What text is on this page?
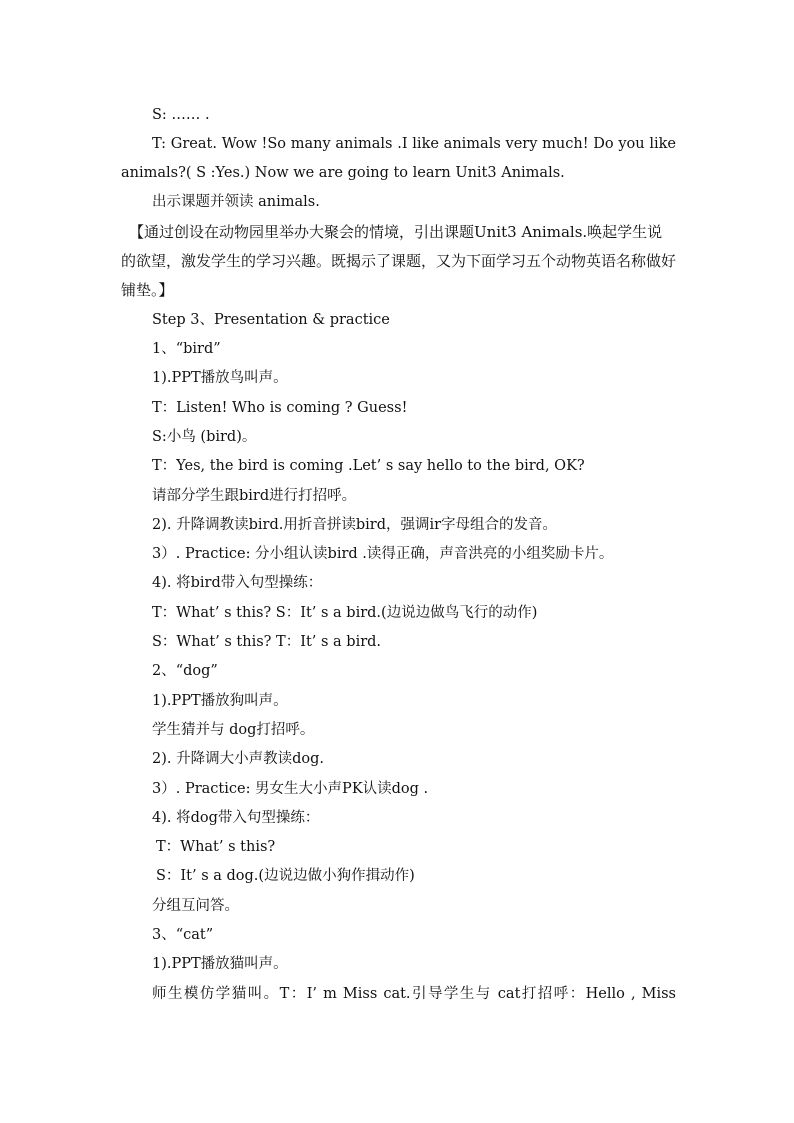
S: …… .
T: Great. Wow !So many animals .I like animals very much! Do you like
animals?( S :Yes.) Now we are going to learn Unit3 Animals.
出示课题并领读 animals.
【通过创设在动物园里举办大聚会的情境，引出课题Unit3 Animals.唤起学生说的欲望，激发学生的学习兴趣。既揭示了课题，又为下面学习五个动物英语名称做好铺垫。】
Step 3、Presentation & practice
1、“bird”
1).PPT播放鸟叫声。
T：Listen! Who is coming ? Guess!
S:小鸟 (bird)。
T：Yes, the bird is coming .Let’ s say hello to the bird, OK?
请部分学生跟bird进行打招呼。
2). 升降调教读bird.用折音拼读bird，强调ir字母组合的发音。
3）. Practice: 分小组认读bird .读得正确，声音洪亮的小组奖励卡片。
4). 将bird带入句型操练：
T：What’ s this? S：It’ s a bird.(边说边做鸟飞行的动作)
S：What’ s this? T：It’ s a bird.
2、“dog”
1).PPT播放狗叫声。
学生猜并与 dog打招呼。
2). 升降调大小声教读dog.
3）. Practice: 男女生大小声PK认读dog .
4). 将dog带入句型操练：
T：What’ s this?
S：It’ s a dog.(边说边做小狗作揖动作)
分组互问答。
3、“cat”
1).PPT播放猫叫声。
师生模仿学猫叫。T：I’ m Miss cat.引导学生与 cat打招呼：Hello , Miss
